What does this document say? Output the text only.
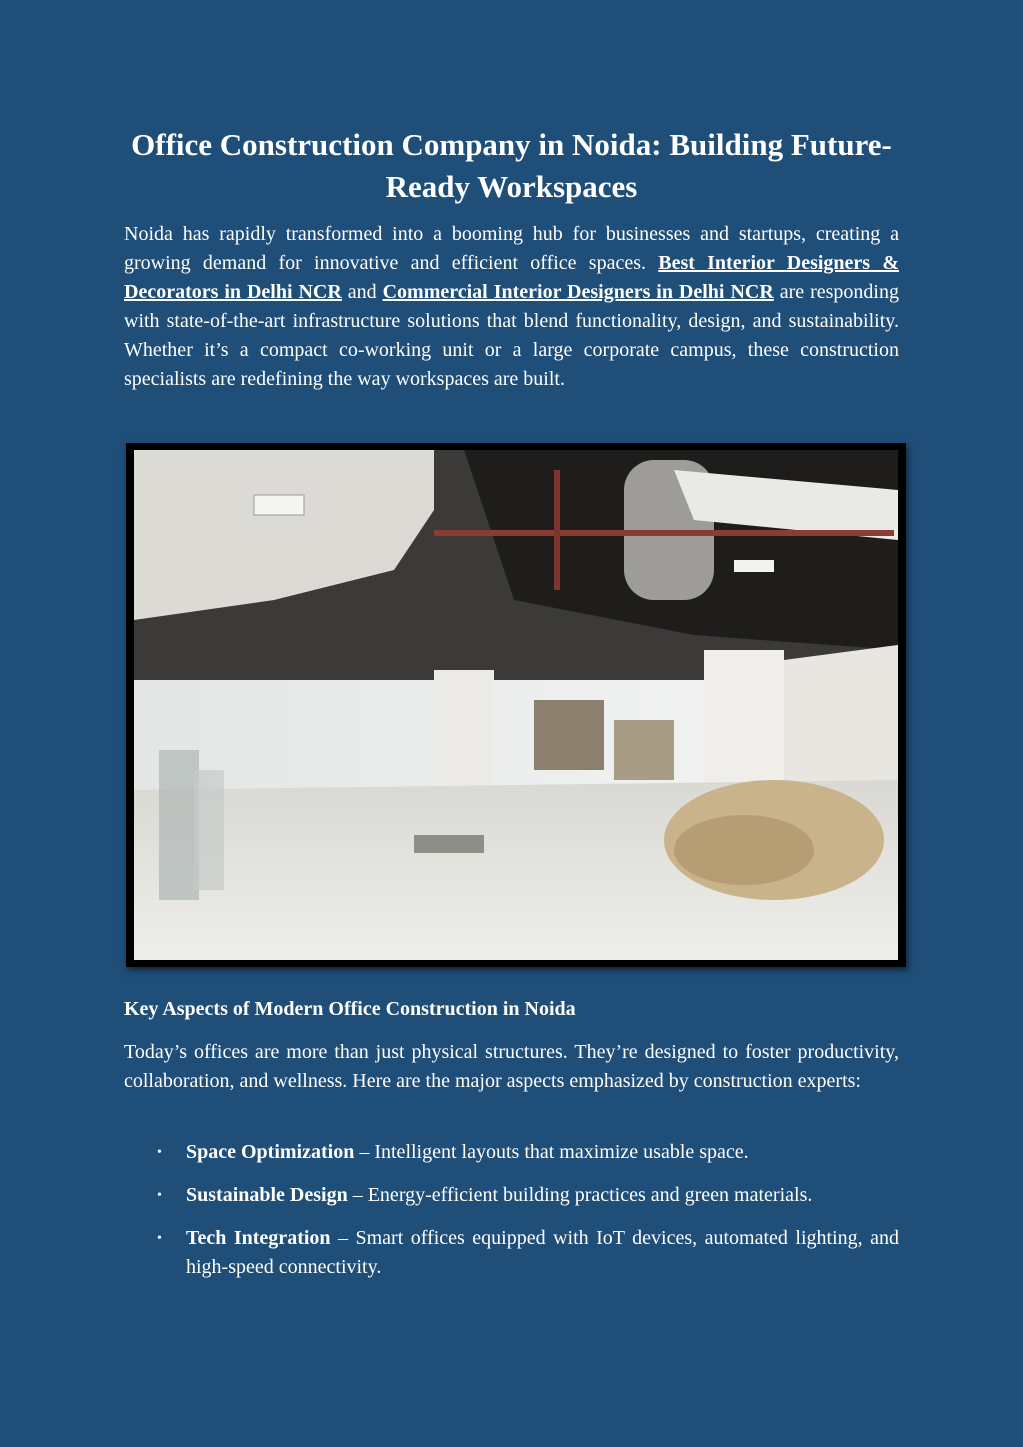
Office Construction Company in Noida: Building Future-Ready Workspaces

Noida has rapidly transformed into a booming hub for businesses and startups, creating a growing demand for innovative and efficient office spaces. Best Interior Designers & Decorators in Delhi NCR and Commercial Interior Designers in Delhi NCR are responding with state-of-the-art infrastructure solutions that blend functionality, design, and sustainability. Whether it’s a compact co-working unit or a large corporate campus, these construction specialists are redefining the way workspaces are built.

Key Aspects of Modern Office Construction in Noida

Today’s offices are more than just physical structures. They’re designed to foster productivity, collaboration, and wellness. Here are the major aspects emphasized by construction experts:

• Space Optimization – Intelligent layouts that maximize usable space.
• Sustainable Design – Energy-efficient building practices and green materials.
• Tech Integration – Smart offices equipped with IoT devices, automated lighting, and high-speed connectivity.
